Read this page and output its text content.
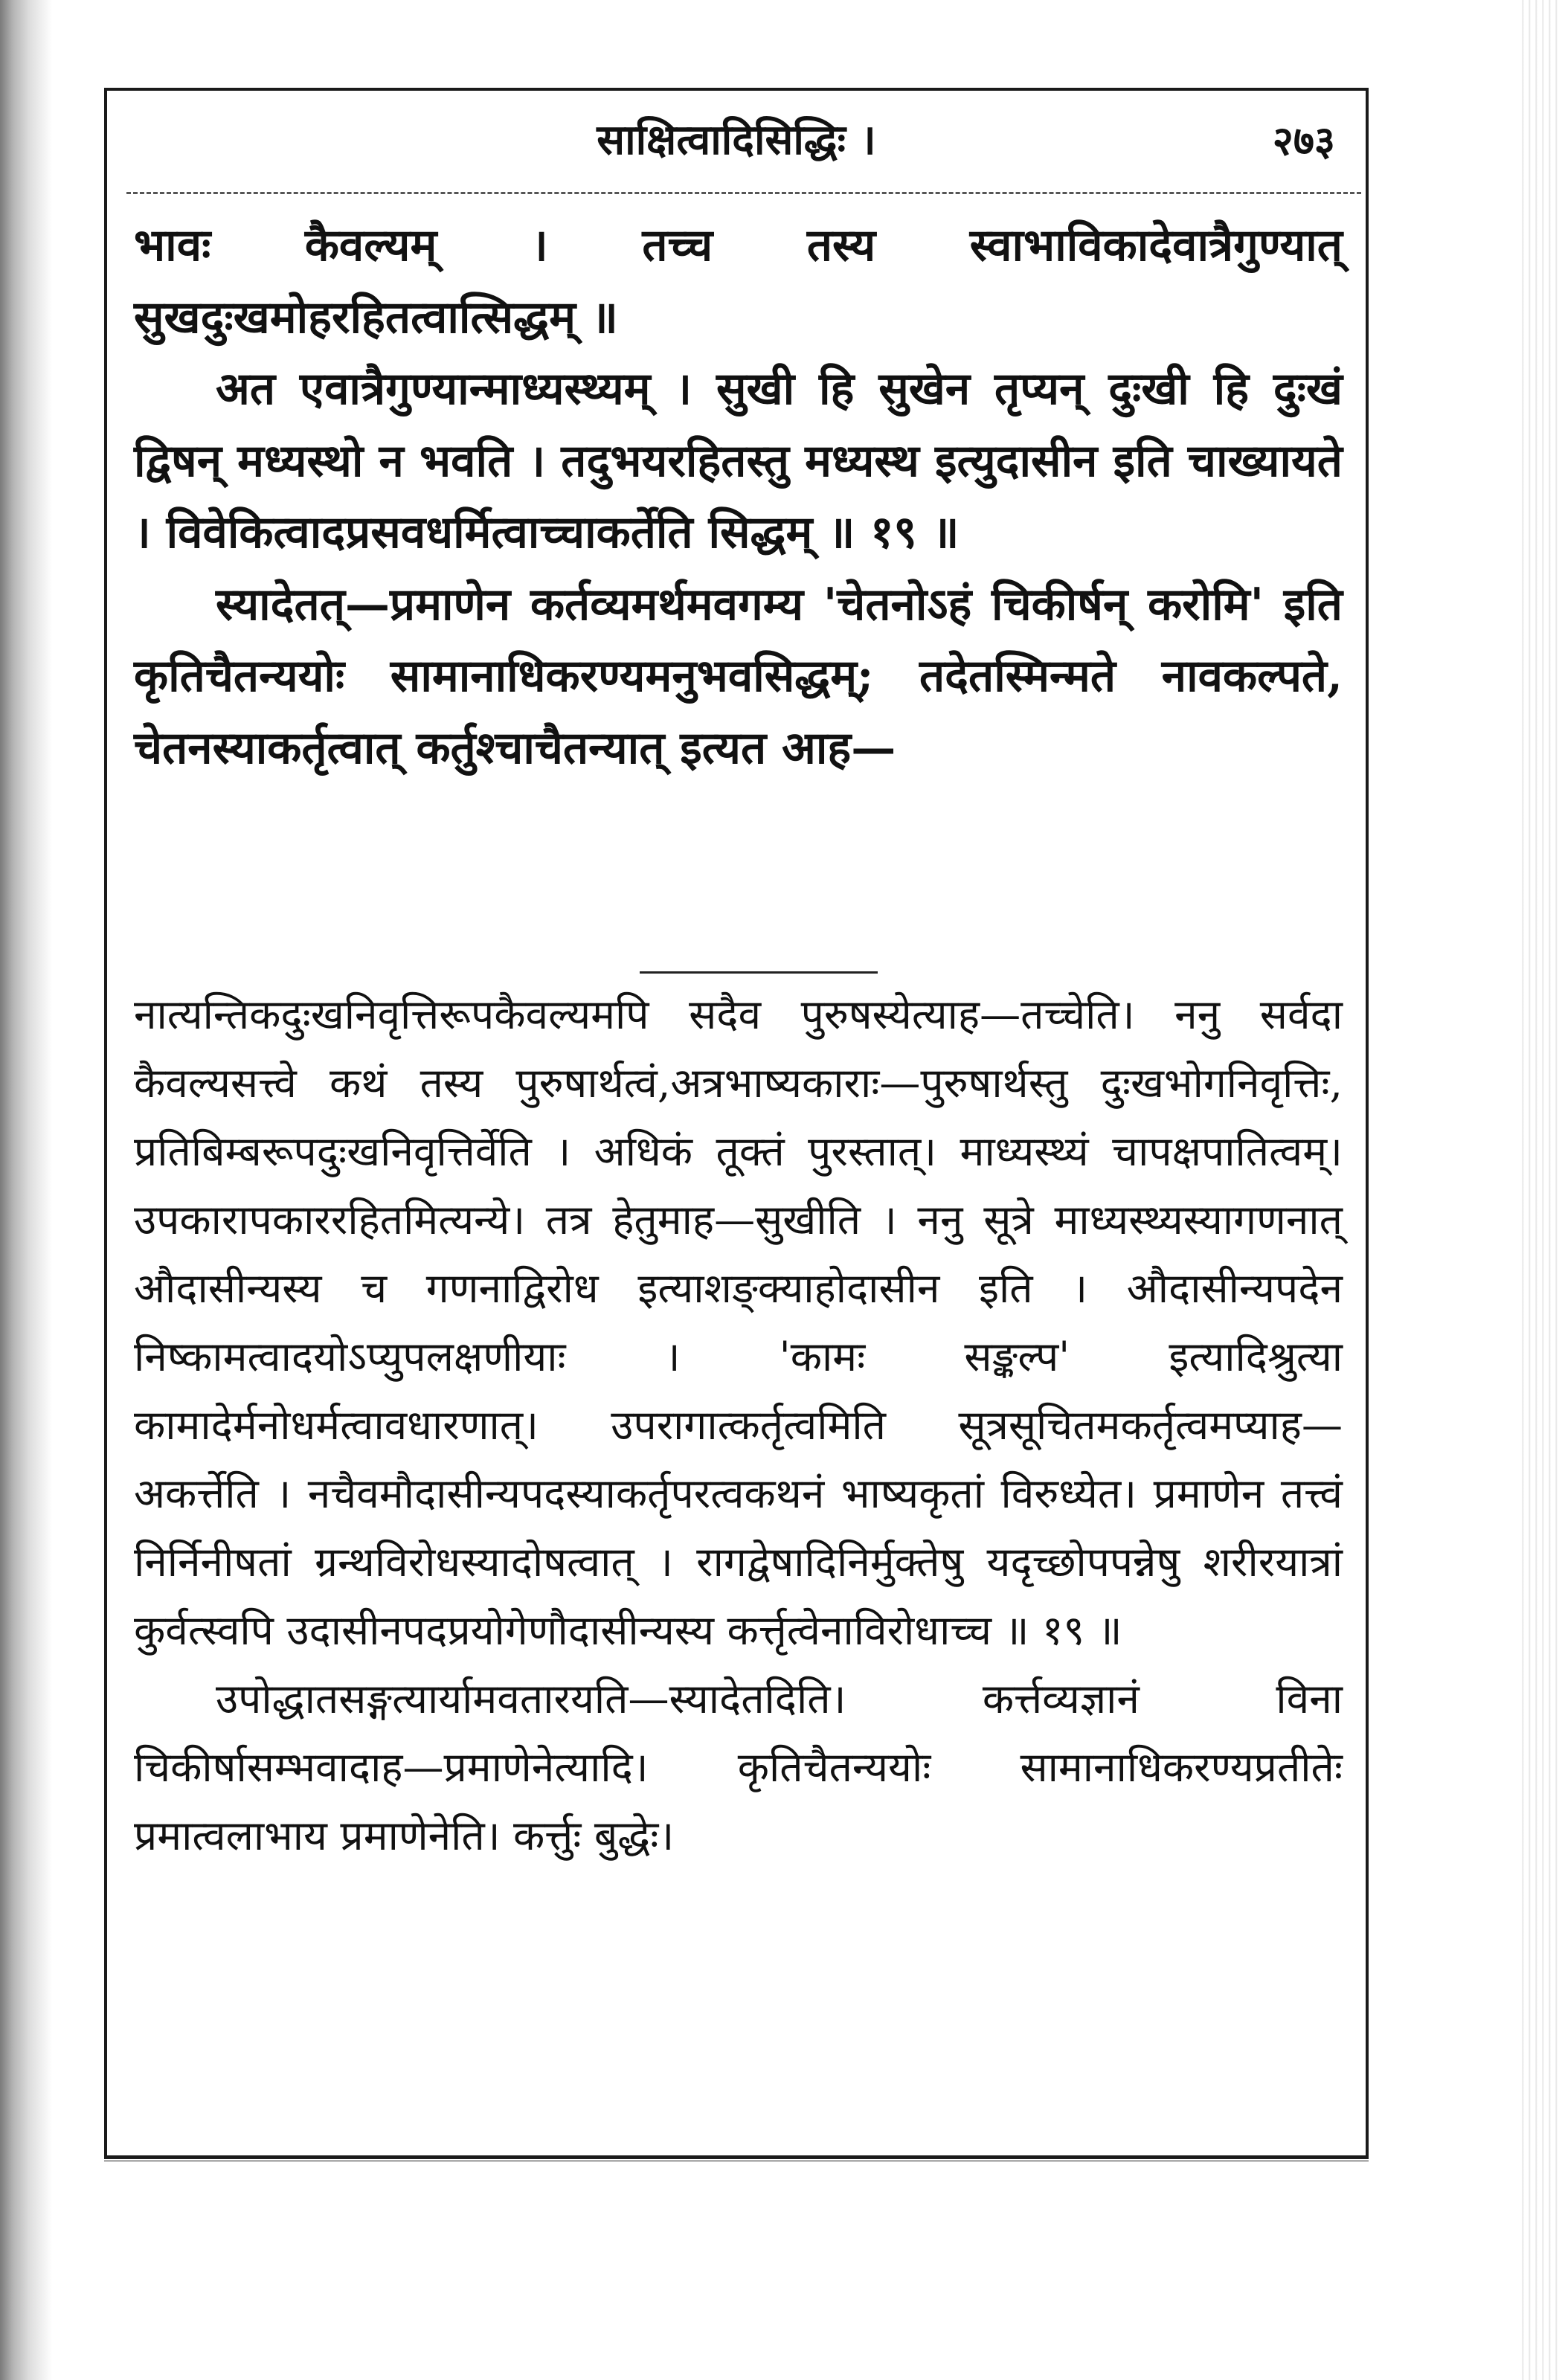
साक्षित्वादिसिद्धिः ।	२७३

भावः कैवल्यम् । तच्च तस्य स्वाभाविकादेवात्रैगुण्यात् सुखदुःखमोहरहितत्वात्सिद्धम् ॥

अत एवात्रैगुण्यान्माध्यस्थ्यम् । सुखी हि सुखेन तृप्यन् दुःखी हि दुःखं द्विषन् मध्यस्थो न भवति । तदुभयरहितस्तु मध्यस्थ इत्युदासीन इति चाख्यायते । विवेकित्वादप्रसवधर्मित्वाच्चाकर्तेति सिद्धम् ॥ १९ ॥

स्यादेतत्—प्रमाणेन कर्तव्यमर्थमवगम्य 'चेतनोऽहं चिकीर्षन् करोमि' इति कृतिचैतन्ययोः सामानाधिकरण्यमनुभवसिद्धम्; तदेतस्मिन्मते नावकल्पते, चेतनस्याकर्तृत्वात् कर्तुश्चाचैतन्यात् इत्यत आह—

नात्यन्तिकदुःखनिवृत्तिरूपकैवल्यमपि सदैव पुरुषस्येत्याह—तच्चेति। ननु सर्वदा कैवल्यसत्त्वे कथं तस्य पुरुषार्थत्वं,अत्रभाष्यकाराः—पुरुषार्थस्तु दुःखभोगनिवृत्तिः, प्रतिबिम्बरूपदुःखनिवृत्तिर्वेति । अधिकं तूक्तं पुरस्तात्। माध्यस्थ्यं चापक्षपातित्वम्। उपकारापकाररहितमित्यन्ये। तत्र हेतुमाह—सुखीति । ननु सूत्रे माध्यस्थ्यस्यागणनात् औदासीन्यस्य च गणनाद्विरोध इत्याशङ्क्याहोदासीन इति । औदासीन्यपदेन निष्कामत्वादयोऽप्युपलक्षणीयाः । 'कामः सङ्कल्प' इत्यादिश्रुत्या कामादेर्मनोधर्मत्वावधारणात्। उपरागात्कर्तृत्वमिति सूत्रसूचितमकर्तृत्वमप्याह—अकर्त्तेति । नचैवमौदासीन्यपदस्याकर्तृपरत्वकथनं भाष्यकृतां विरुध्येत। प्रमाणेन तत्त्वं निर्निनीषतां ग्रन्थविरोधस्यादोषत्वात् । रागद्वेषादिनिर्मुक्तेषु यदृच्छोपपन्नेषु शरीरयात्रां कुर्वत्स्वपि उदासीनपदप्रयोगेणौदासीन्यस्य कर्त्तृत्वेनाविरोधाच्च ॥ १९ ॥

उपोद्धातसङ्गत्यार्यामवतारयति—स्यादेतदिति। कर्त्तव्यज्ञानं विना चिकीर्षासम्भवादाह—प्रमाणेनेत्यादि। कृतिचैतन्ययोः सामानाधिकरण्यप्रतीतेः प्रमात्वलाभाय प्रमाणेनेति। कर्त्तुः बुद्धेः।
